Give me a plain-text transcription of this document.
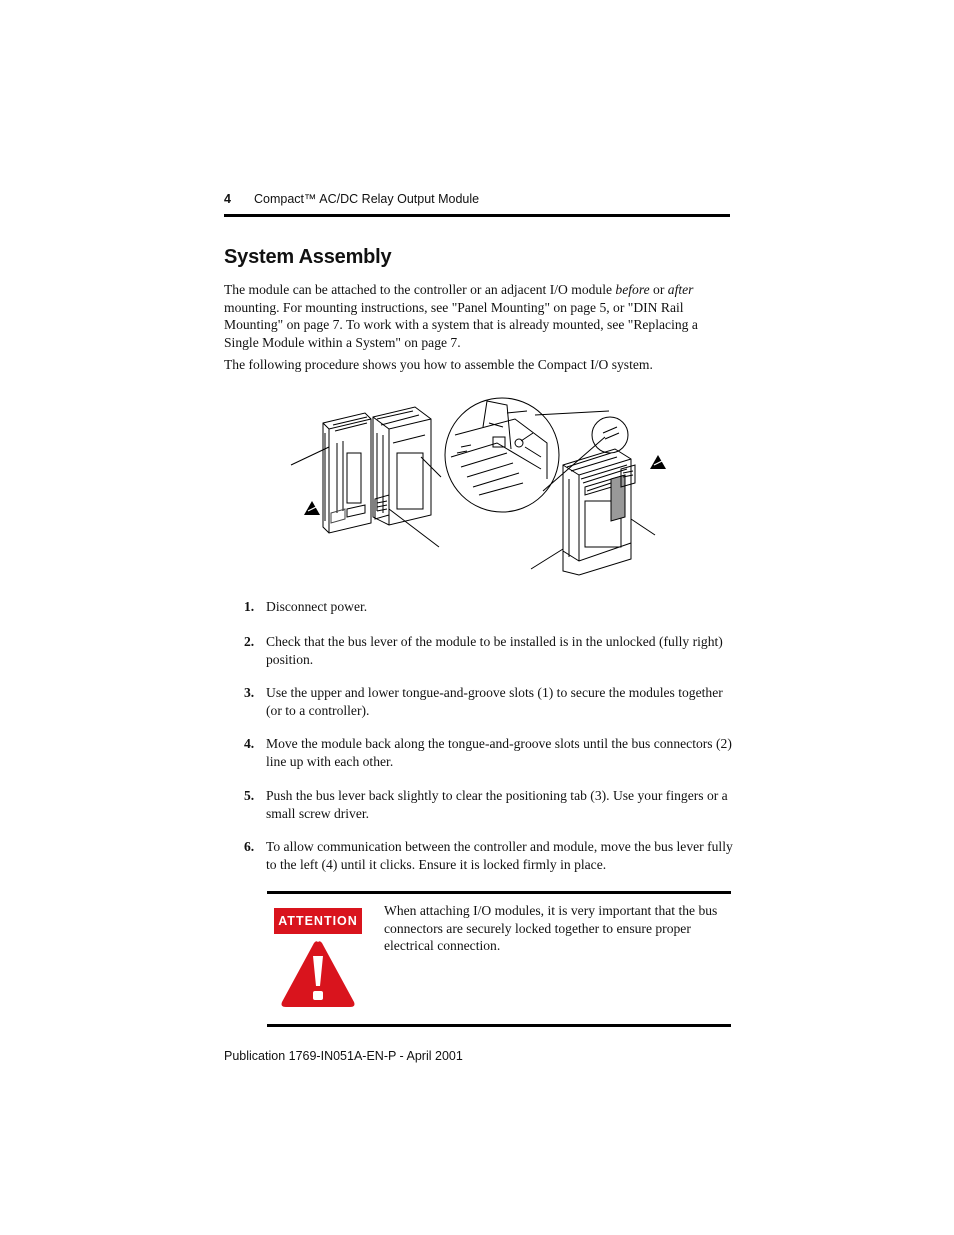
4 Compact™ AC/DC Relay Output Module
System Assembly
The module can be attached to the controller or an adjacent I/O module before or after mounting. For mounting instructions, see "Panel Mounting" on page 5, or "DIN Rail Mounting" on page 7. To work with a system that is already mounted, see "Replacing a Single Module within a System" on page 7.
The following procedure shows you how to assemble the Compact I/O system.
1. Disconnect power.
2. Check that the bus lever of the module to be installed is in the unlocked (fully right) position.
3. Use the upper and lower tongue-and-groove slots (1) to secure the modules together (or to a controller).
4. Move the module back along the tongue-and-groove slots until the bus connectors (2) line up with each other.
5. Push the bus lever back slightly to clear the positioning tab (3). Use your fingers or a small screw driver.
6. To allow communication between the controller and module, move the bus lever fully to the left (4) until it clicks. Ensure it is locked firmly in place.
ATTENTION
When attaching I/O modules, it is very important that the bus connectors are securely locked together to ensure proper electrical connection.
Publication 1769-IN051A-EN-P - April 2001
